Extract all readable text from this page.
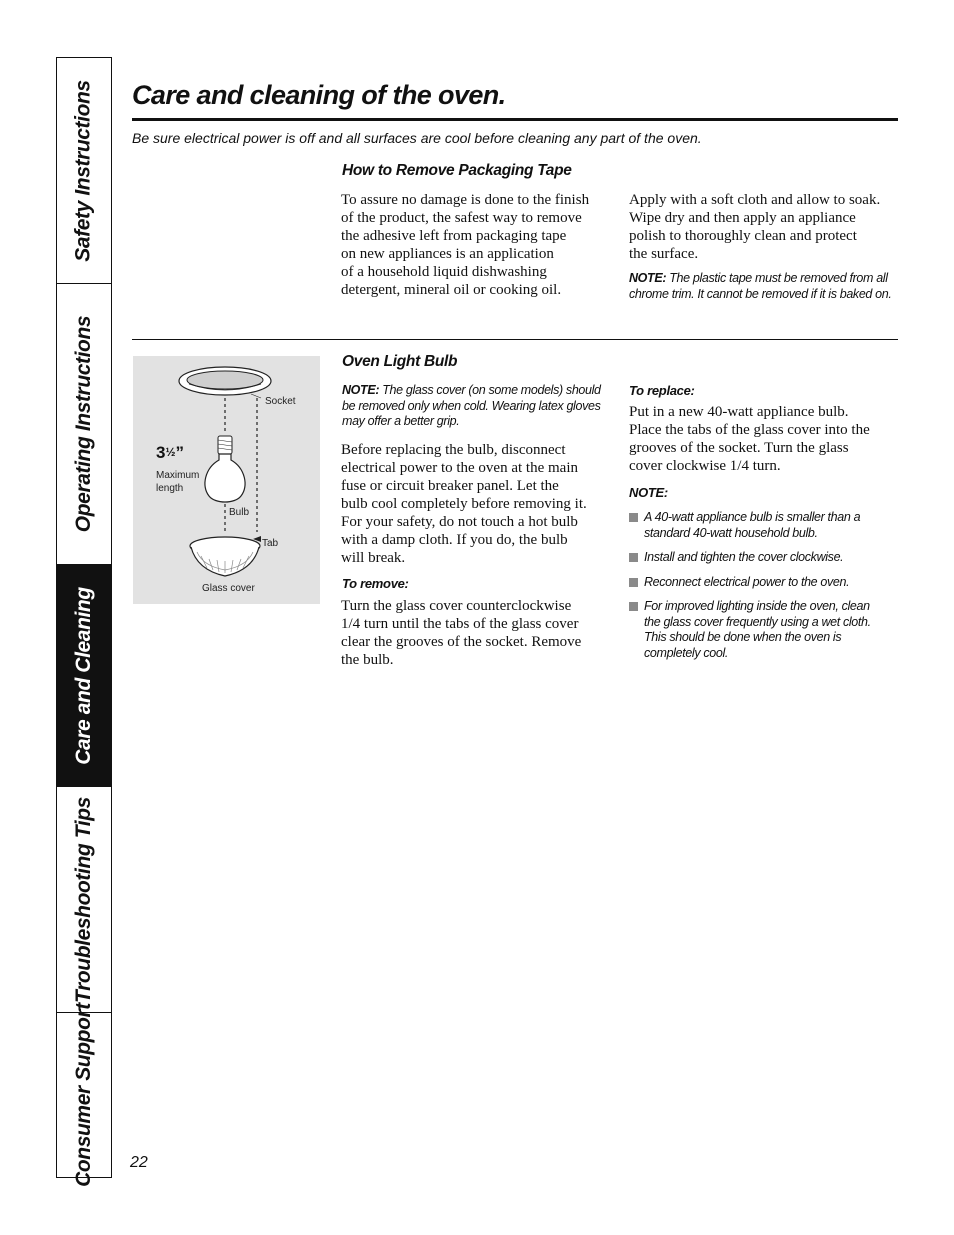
Safety Instructions
Operating Instructions
Care and Cleaning
Troubleshooting Tips
Consumer Support
Care and cleaning of the oven.

Be sure electrical power is off and all surfaces are cool before cleaning any part of the oven.

How to Remove Packaging Tape
To assure no damage is done to the finish
of the product, the safest way to remove
the adhesive left from packaging tape
on new appliances is an application
of a household liquid dishwashing
detergent, mineral oil or cooking oil.
Apply with a soft cloth and allow to soak.
Wipe dry and then apply an appliance
polish to thoroughly clean and protect
the surface.
NOTE: The plastic tape must be removed from all
chrome trim. It cannot be removed if it is baked on.
Socket
3½”
Maximum
length
Bulb
Tab
Glass cover
Oven Light Bulb
NOTE: The glass cover (on some models) should
be removed only when cold. Wearing latex gloves
may offer a better grip.
Before replacing the bulb, disconnect
electrical power to the oven at the main
fuse or circuit breaker panel. Let the
bulb cool completely before removing it.
For your safety, do not touch a hot bulb
with a damp cloth. If you do, the bulb
will break.
To remove:
Turn the glass cover counterclockwise
1/4 turn until the tabs of the glass cover
clear the grooves of the socket. Remove
the bulb.
To replace:
Put in a new 40-watt appliance bulb.
Place the tabs of the glass cover into the
grooves of the socket. Turn the glass
cover clockwise 1/4 turn.
NOTE:
A 40-watt appliance bulb is smaller than a
standard 40-watt household bulb.
Install and tighten the cover clockwise.
Reconnect electrical power to the oven.
For improved lighting inside the oven, clean
the glass cover frequently using a wet cloth.
This should be done when the oven is
completely cool.
22
